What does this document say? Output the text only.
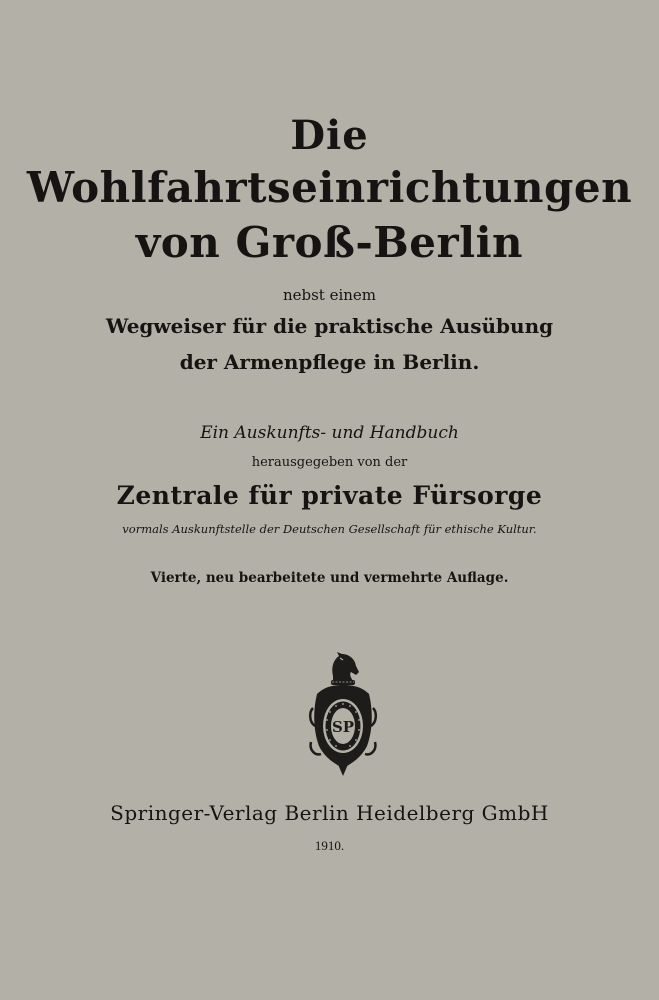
Die
Wohlfahrtseinrichtungen
von Groß-Berlin
nebst einem
Wegweiser für die praktische Ausübung
der Armenpflege in Berlin.
Ein Auskunfts- und Handbuch
herausgegeben von der
Zentrale für private Fürsorge
vormals Auskunftstelle der Deutschen Gesellschaft für ethische Kultur.
Vierte, neu bearbeitete und vermehrte Auflage.
SP
Springer-Verlag Berlin Heidelberg GmbH
1910.
